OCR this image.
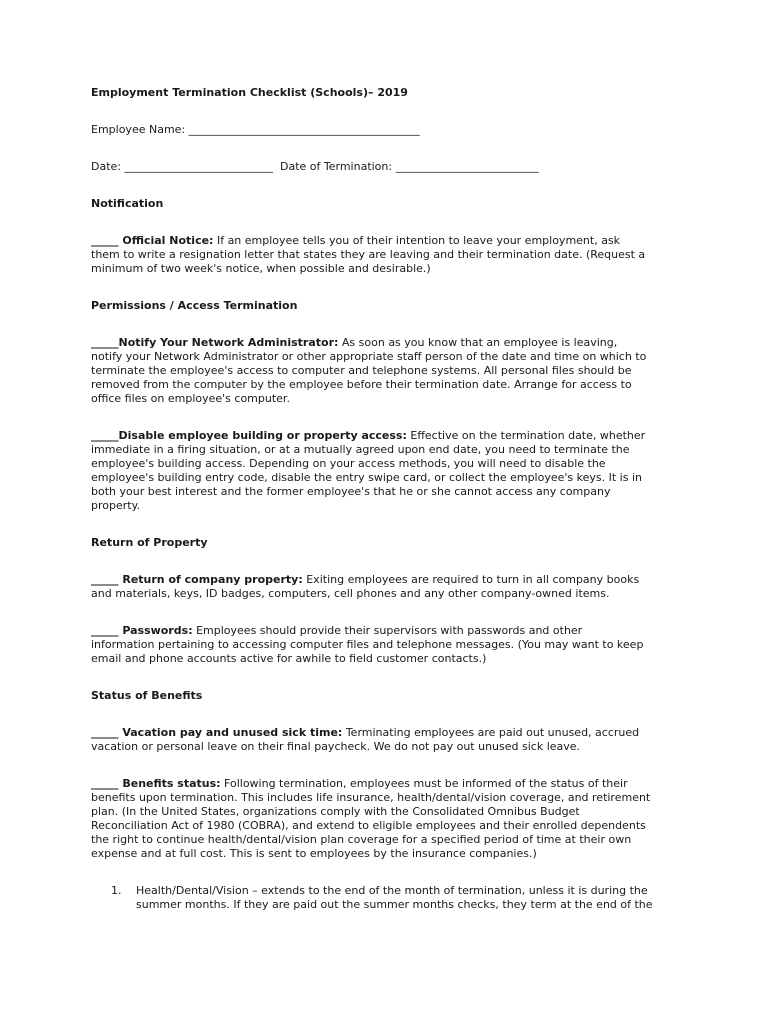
Employment Termination Checklist (Schools)– 2019

Employee Name: __________________________________________

Date: ___________________________ Date of Termination: __________________________

Notification

_____ Official Notice: If an employee tells you of their intention to leave your employment, ask
them to write a resignation letter that states they are leaving and their termination date. (Request a
minimum of two week's notice, when possible and desirable.)

Permissions / Access Termination

_____Notify Your Network Administrator: As soon as you know that an employee is leaving,
notify your Network Administrator or other appropriate staff person of the date and time on which to
terminate the employee's access to computer and telephone systems. All personal files should be
removed from the computer by the employee before their termination date. Arrange for access to
office files on employee's computer.
_____Disable employee building or property access: Effective on the termination date, whether
immediate in a firing situation, or at a mutually agreed upon end date, you need to terminate the
employee's building access. Depending on your access methods, you will need to disable the
employee's building entry code, disable the entry swipe card, or collect the employee's keys. It is in
both your best interest and the former employee's that he or she cannot access any company
property.

Return of Property

_____ Return of company property: Exiting employees are required to turn in all company books
and materials, keys, ID badges, computers, cell phones and any other company-owned items.
_____ Passwords: Employees should provide their supervisors with passwords and other
information pertaining to accessing computer files and telephone messages. (You may want to keep
email and phone accounts active for awhile to field customer contacts.)

Status of Benefits

_____ Vacation pay and unused sick time: Terminating employees are paid out unused, accrued
vacation or personal leave on their final paycheck. We do not pay out unused sick leave.
_____ Benefits status: Following termination, employees must be informed of the status of their
benefits upon termination. This includes life insurance, health/dental/vision coverage, and retirement
plan. (In the United States, organizations comply with the Consolidated Omnibus Budget
Reconciliation Act of 1980 (COBRA), and extend to eligible employees and their enrolled dependents
the right to continue health/dental/vision plan coverage for a specified period of time at their own
expense and at full cost. This is sent to employees by the insurance companies.)
1. Health/Dental/Vision – extends to the end of the month of termination, unless it is during the
summer months. If they are paid out the summer months checks, they term at the end of the
